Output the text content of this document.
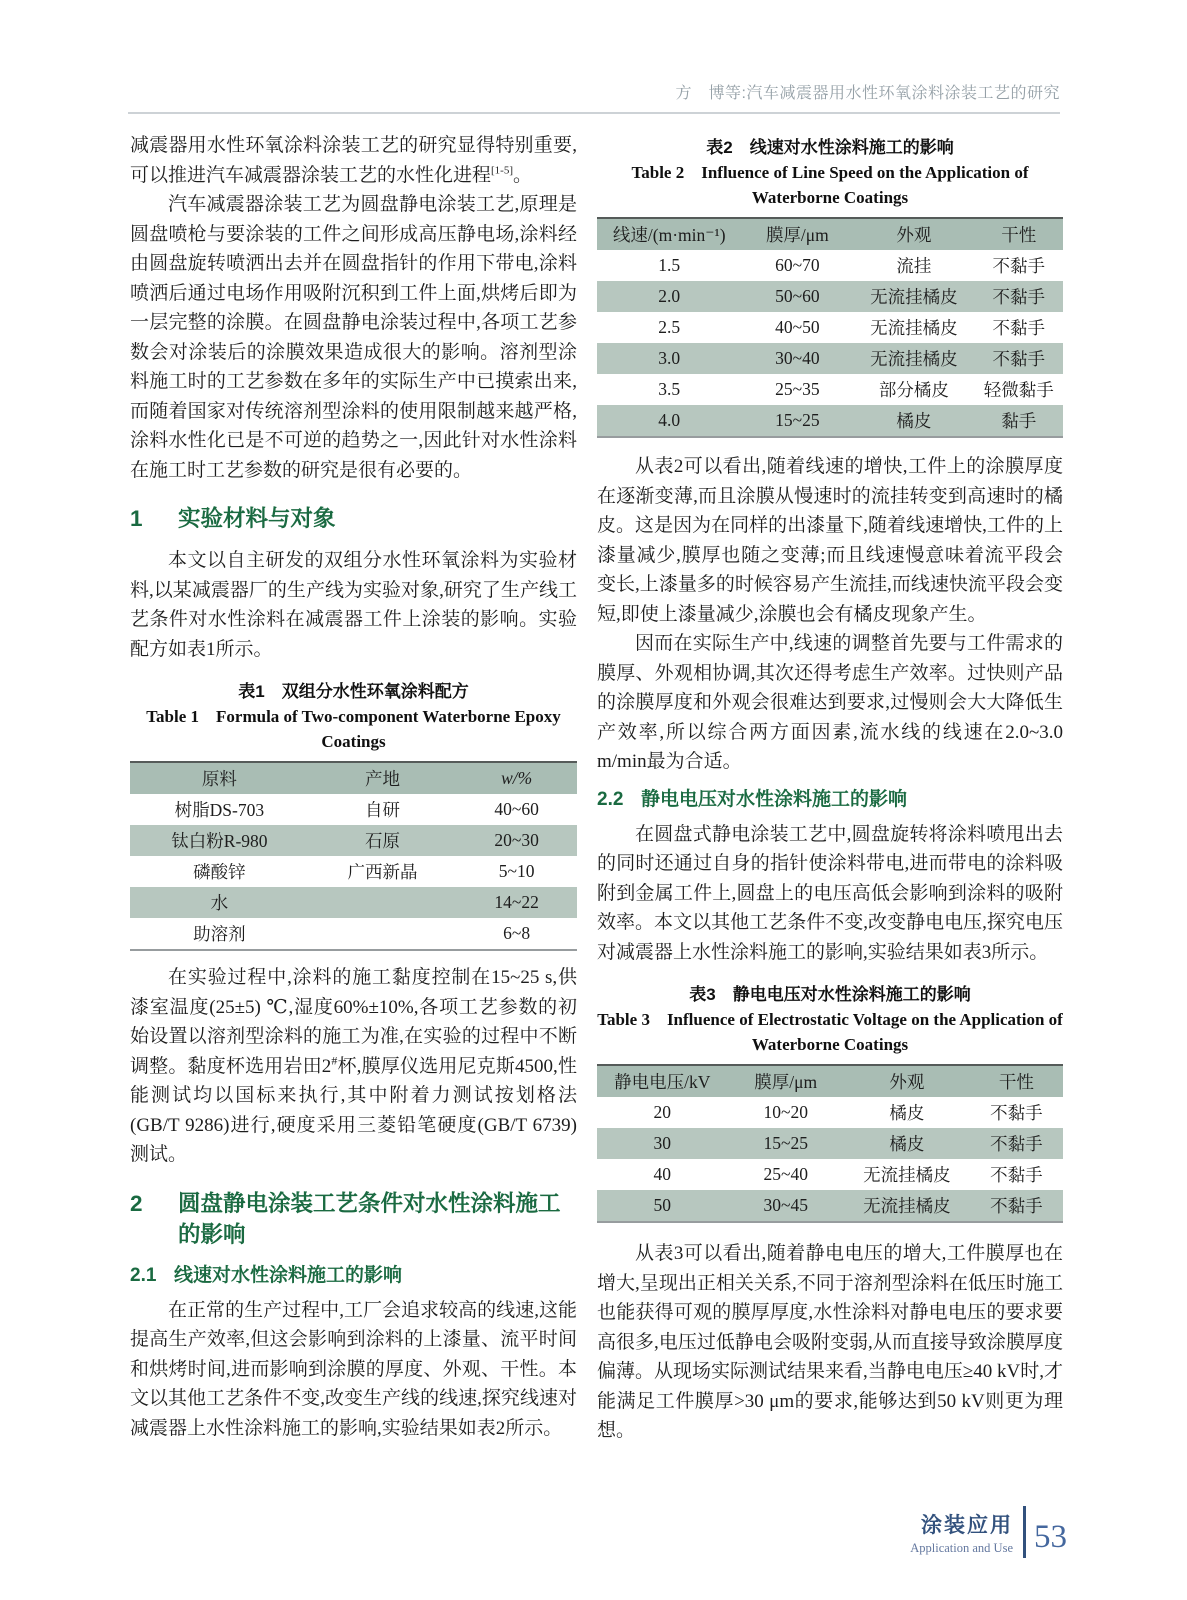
方　博等:汽车减震器用水性环氧涂料涂装工艺的研究

减震器用水性环氧涂料涂装工艺的研究显得特别重要,可以推进汽车减震器涂装工艺的水性化进程[1-5]。

汽车减震器涂装工艺为圆盘静电涂装工艺,原理是圆盘喷枪与要涂装的工件之间形成高压静电场,涂料经由圆盘旋转喷洒出去并在圆盘指针的作用下带电,涂料喷洒后通过电场作用吸附沉积到工件上面,烘烤后即为一层完整的涂膜。在圆盘静电涂装过程中,各项工艺参数会对涂装后的涂膜效果造成很大的影响。溶剂型涂料施工时的工艺参数在多年的实际生产中已摸索出来,而随着国家对传统溶剂型涂料的使用限制越来越严格,涂料水性化已是不可逆的趋势之一,因此针对水性涂料在施工时工艺参数的研究是很有必要的。

1	实验材料与对象

本文以自主研发的双组分水性环氧涂料为实验材料,以某减震器厂的生产线为实验对象,研究了生产线工艺条件对水性涂料在减震器工件上涂装的影响。实验配方如表1所示。

表1　双组分水性环氧涂料配方
Table 1 Formula of Two-component Waterborne Epoxy Coatings
原料	产地	w/%
树脂DS-703	自研	40~60
钛白粉R-980	石原	20~30
磷酸锌	广西新晶	5~10
水		14~22
助溶剂		6~8

在实验过程中,涂料的施工黏度控制在15~25 s,供漆室温度(25±5) ℃,湿度60%±10%,各项工艺参数的初始设置以溶剂型涂料的施工为准,在实验的过程中不断调整。黏度杯选用岩田2#杯,膜厚仪选用尼克斯4500,性能测试均以国标来执行,其中附着力测试按划格法(GB/T 9286)进行,硬度采用三菱铅笔硬度(GB/T 6739)测试。

2	圆盘静电涂装工艺条件对水性涂料施工的影响
2.1 线速对水性涂料施工的影响

在正常的生产过程中,工厂会追求较高的线速,这能提高生产效率,但这会影响到涂料的上漆量、流平时间和烘烤时间,进而影响到涂膜的厚度、外观、干性。本文以其他工艺条件不变,改变生产线的线速,探究线速对减震器上水性涂料施工的影响,实验结果如表2所示。

表2　线速对水性涂料施工的影响
Table 2 Influence of Line Speed on the Application of Waterborne Coatings
线速/(m·min⁻¹)	膜厚/μm	外观	干性
1.5	60~70	流挂	不黏手
2.0	50~60	无流挂橘皮	不黏手
2.5	40~50	无流挂橘皮	不黏手
3.0	30~40	无流挂橘皮	不黏手
3.5	25~35	部分橘皮	轻微黏手
4.0	15~25	橘皮	黏手

从表2可以看出,随着线速的增快,工件上的涂膜厚度在逐渐变薄,而且涂膜从慢速时的流挂转变到高速时的橘皮。这是因为在同样的出漆量下,随着线速增快,工件的上漆量减少,膜厚也随之变薄;而且线速慢意味着流平段会变长,上漆量多的时候容易产生流挂,而线速快流平段会变短,即使上漆量减少,涂膜也会有橘皮现象产生。

因而在实际生产中,线速的调整首先要与工件需求的膜厚、外观相协调,其次还得考虑生产效率。过快则产品的涂膜厚度和外观会很难达到要求,过慢则会大大降低生产效率,所以综合两方面因素,流水线的线速在2.0~3.0 m/min最为合适。

2.2 静电电压对水性涂料施工的影响

在圆盘式静电涂装工艺中,圆盘旋转将涂料喷甩出去的同时还通过自身的指针使涂料带电,进而带电的涂料吸附到金属工件上,圆盘上的电压高低会影响到涂料的吸附效率。本文以其他工艺条件不变,改变静电电压,探究电压对减震器上水性涂料施工的影响,实验结果如表3所示。

表3　静电电压对水性涂料施工的影响
Table 3 Influence of Electrostatic Voltage on the Application of Waterborne Coatings
静电电压/kV	膜厚/μm	外观	干性
20	10~20	橘皮	不黏手
30	15~25	橘皮	不黏手
40	25~40	无流挂橘皮	不黏手
50	30~45	无流挂橘皮	不黏手

从表3可以看出,随着静电电压的增大,工件膜厚也在增大,呈现出正相关关系,不同于溶剂型涂料在低压时施工也能获得可观的膜厚厚度,水性涂料对静电电压的要求要高很多,电压过低静电会吸附变弱,从而直接导致涂膜厚度偏薄。从现场实际测试结果来看,当静电电压≥40 kV时,才能满足工件膜厚>30 μm的要求,能够达到50 kV则更为理想。

涂装应用
Application and Use 53
